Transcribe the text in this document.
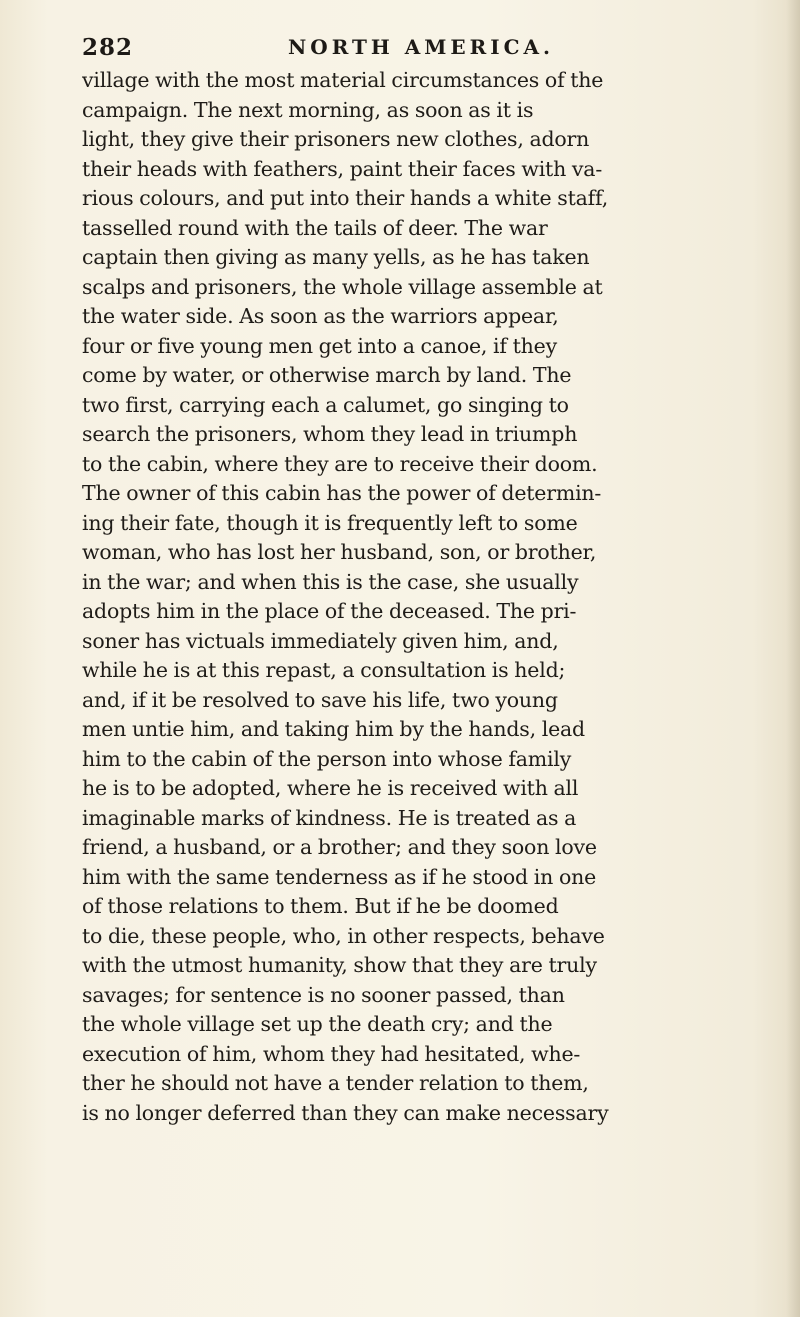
282	NORTH AMERICA.
village with the most material circumstances of the
campaign. The next morning, as soon as it is
light, they give their prisoners new clothes, adorn
their heads with feathers, paint their faces with va-
rious colours, and put into their hands a white staff,
tasselled round with the tails of deer. The war
captain then giving as many yells, as he has taken
scalps and prisoners, the whole village assemble at
the water side. As soon as the warriors appear,
four or five young men get into a canoe, if they
come by water, or otherwise march by land. The
two first, carrying each a calumet, go singing to
search the prisoners, whom they lead in triumph
to the cabin, where they are to receive their doom.
The owner of this cabin has the power of determin-
ing their fate, though it is frequently left to some
woman, who has lost her husband, son, or brother,
in the war; and when this is the case, she usually
adopts him in the place of the deceased. The pri-
soner has victuals immediately given him, and,
while he is at this repast, a consultation is held;
and, if it be resolved to save his life, two young
men untie him, and taking him by the hands, lead
him to the cabin of the person into whose family
he is to be adopted, where he is received with all
imaginable marks of kindness. He is treated as a
friend, a husband, or a brother; and they soon love
him with the same tenderness as if he stood in one
of those relations to them. But if he be doomed
to die, these people, who, in other respects, behave
with the utmost humanity, show that they are truly
savages; for sentence is no sooner passed, than
the whole village set up the death cry; and the
execution of him, whom they had hesitated, whe-
ther he should not have a tender relation to them,
is no longer deferred than they can make necessary
